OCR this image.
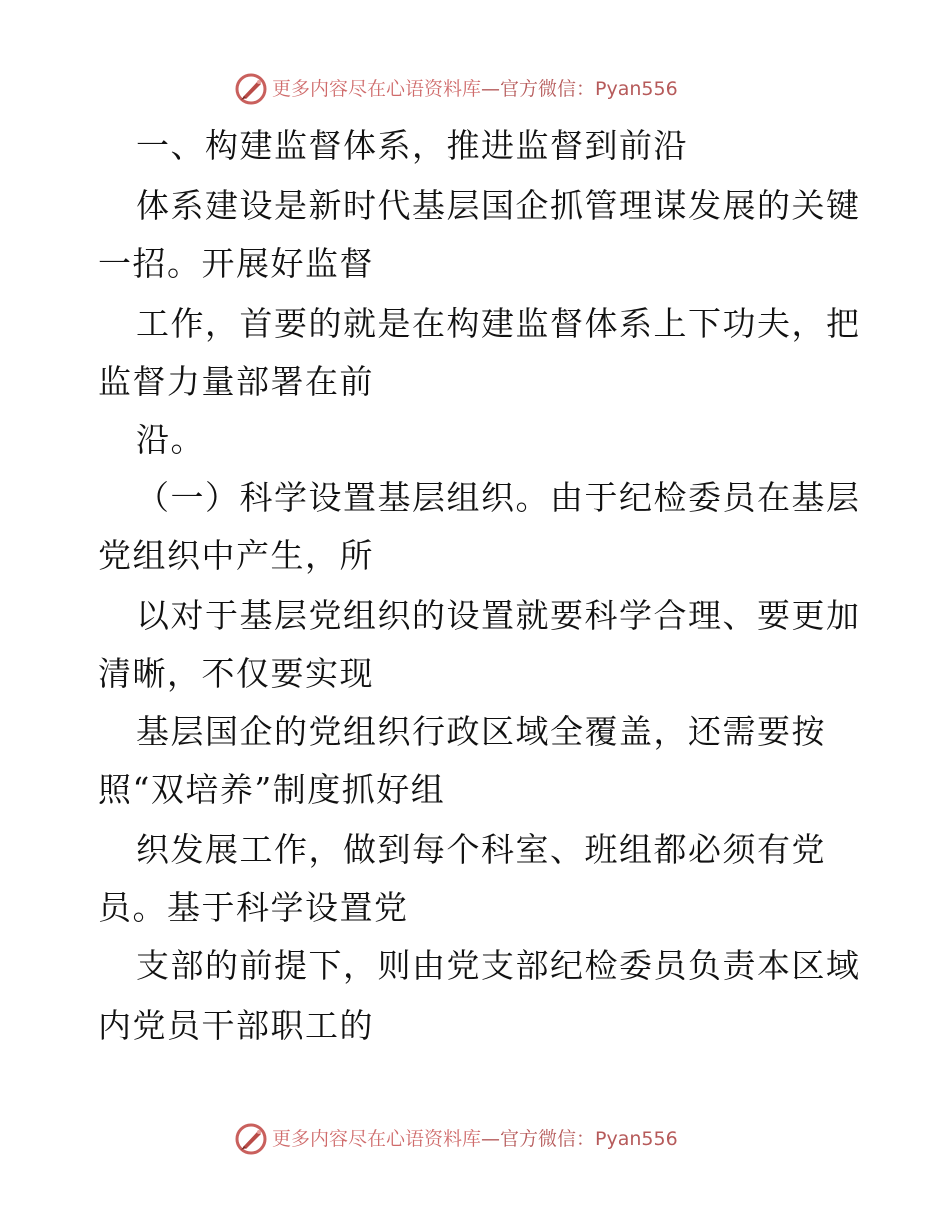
更多内容尽在心语资料库—官方微信：Pyan556
一、构建监督体系，推进监督到前沿
体系建设是新时代基层国企抓管理谋发展的关键
一招。开展好监督
工作，首要的就是在构建监督体系上下功夫，把
监督力量部署在前
沿。
（一）科学设置基层组织。由于纪检委员在基层
党组织中产生，所
以对于基层党组织的设置就要科学合理、要更加
清晰，不仅要实现
基层国企的党组织行政区域全覆盖，还需要按
照“双培养”制度抓好组
织发展工作，做到每个科室、班组都必须有党
员。基于科学设置党
支部的前提下，则由党支部纪检委员负责本区域
内党员干部职工的
更多内容尽在心语资料库—官方微信：Pyan556
